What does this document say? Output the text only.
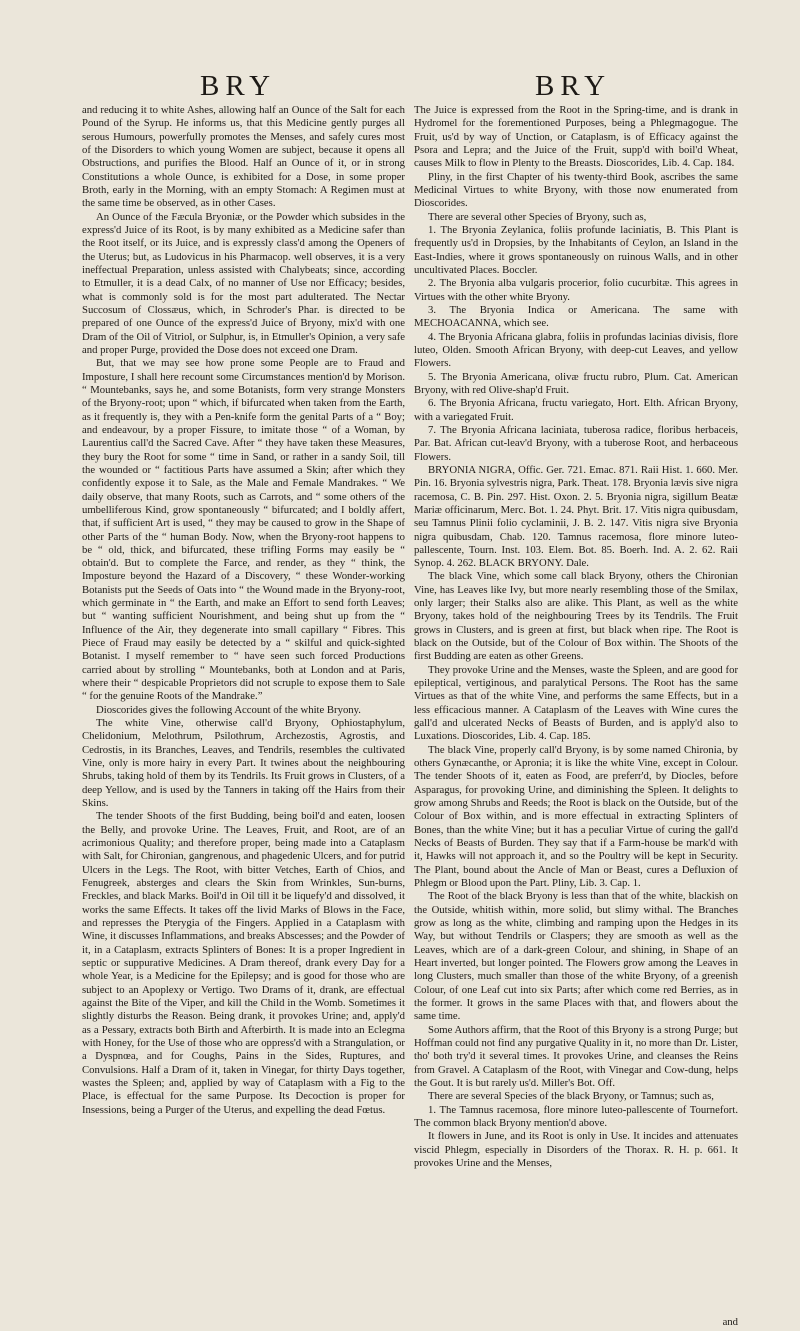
BRY	BRY

and reducing it to white Ashes, allowing half an Ounce of the Salt for each Pound of the Syrup. He informs us, that this Medicine gently purges all serous Humours, powerfully promotes the Menses, and safely cures most of the Disorders to which young Women are subject, because it opens all Obstructions, and purifies the Blood. Half an Ounce of it, or in strong Constitutions a whole Ounce, is exhibited for a Dose, in some proper Broth, early in the Morning, with an empty Stomach: A Regimen must at the same time be observed, as in other Cases.

An Ounce of the Fæcula Bryoniæ, or the Powder which subsides in the express'd Juice of its Root, is by many exhibited as a Medicine safer than the Root itself, or its Juice, and is expressly class'd among the Openers of the Uterus; but, as Ludovicus in his Pharmacop. well observes, it is a very ineffectual Preparation, unless assisted with Chalybeats; since, according to Etmuller, it is a dead Calx, of no manner of Use nor Efficacy; besides, what is commonly sold is for the most part adulterated. The Nectar Succosum of Clossæus, which, in Schroder's Phar. is directed to be prepared of one Ounce of the express'd Juice of Bryony, mix'd with one Dram of the Oil of Vitriol, or Sulphur, is, in Etmuller's Opinion, a very safe and proper Purge, provided the Dose does not exceed one Dram.

But, that we may see how prone some People are to Fraud and Imposture, I shall here recount some Circumstances mention'd by Morison. “ Mountebanks, says he, and some Botanists, form very strange Monsters of the Bryony-root; upon “ which, if bifurcated when taken from the Earth, as it frequently is, they with a Pen-knife form the genital Parts of a “ Boy; and endeavour, by a proper Fissure, to imitate those “ of a Woman, by Laurentius call'd the Sacred Cave. After “ they have taken these Measures, they bury the Root for some “ time in Sand, or rather in a sandy Soil, till the wounded or “ factitious Parts have assumed a Skin; after which they confidently expose it to Sale, as the Male and Female Mandrakes. “ We daily observe, that many Roots, such as Carrots, and “ some others of the umbelliferous Kind, grow spontaneously “ bifurcated; and I boldly affert, that, if sufficient Art is used, “ they may be caused to grow in the Shape of other Parts of the “ human Body. Now, when the Bryony-root happens to be “ old, thick, and bifurcated, these trifling Forms may easily be “ obtain'd. But to complete the Farce, and render, as they “ think, the Imposture beyond the Hazard of a Discovery, “ these Wonder-working Botanists put the Seeds of Oats into “ the Wound made in the Bryony-root, which germinate in “ the Earth, and make an Effort to send forth Leaves; but “ wanting sufficient Nourishment, and being shut up from the “ Influence of the Air, they degenerate into small capillary “ Fibres. This Piece of Fraud may easily be detected by a “ skilful and quick-sighted Botanist. I myself remember to “ have seen such forced Productions carried about by strolling “ Mountebanks, both at London and at Paris, where their “ despicable Proprietors did not scruple to expose them to Sale “ for the genuine Roots of the Mandrake.”

Dioscorides gives the following Account of the white Bryony.

The white Vine, otherwise call'd Bryony, Ophiostaphylum, Chelidonium, Melothrum, Psilothrum, Archezostis, Agrostis, and Cedrostis, in its Branches, Leaves, and Tendrils, resembles the cultivated Vine, only is more hairy in every Part. It twines about the neighbouring Shrubs, taking hold of them by its Tendrils. Its Fruit grows in Clusters, of a deep Yellow, and is used by the Tanners in taking off the Hairs from their Skins.

The tender Shoots of the first Budding, being boil'd and eaten, loosen the Belly, and provoke Urine. The Leaves, Fruit, and Root, are of an acrimonious Quality; and therefore proper, being made into a Cataplasm with Salt, for Chironian, gangrenous, and phagedenic Ulcers, and for putrid Ulcers in the Legs. The Root, with bitter Vetches, Earth of Chios, and Fenugreek, absterges and clears the Skin from Wrinkles, Sun-burns, Freckles, and black Marks. Boil'd in Oil till it be liquefy'd and dissolved, it works the same Effects. It takes off the livid Marks of Blows in the Face, and represses the Pterygia of the Fingers. Applied in a Cataplasm with Wine, it discusses Inflammations, and breaks Abscesses; and the Powder of it, in a Cataplasm, extracts Splinters of Bones: It is a proper Ingredient in septic or suppurative Medicines. A Dram thereof, drank every Day for a whole Year, is a Medicine for the Epilepsy; and is good for those who are subject to an Apoplexy or Vertigo. Two Drams of it, drank, are effectual against the Bite of the Viper, and kill the Child in the Womb. Sometimes it slightly disturbs the Reason. Being drank, it provokes Urine; and, apply'd as a Pessary, extracts both Birth and Afterbirth. It is made into an Eclegma with Honey, for the Use of those who are oppress'd with a Strangulation, or a Dyspnœa, and for Coughs, Pains in the Sides, Ruptures, and Convulsions. Half a Dram of it, taken in Vinegar, for thirty Days together, wastes the Spleen; and, applied by way of Cataplasm with a Fig to the Place, is effectual for the same Purpose. Its Decoction is proper for Insessions, being a Purger of the Uterus, and expelling the dead Fœtus.

The Juice is expressed from the Root in the Spring-time, and is drank in Hydromel for the forementioned Purposes, being a Phlegmagogue. The Fruit, us'd by way of Unction, or Cataplasm, is of Efficacy against the Psora and Lepra; and the Juice of the Fruit, supp'd with boil'd Wheat, causes Milk to flow in Plenty to the Breasts. Dioscorides, Lib. 4. Cap. 184.

Pliny, in the first Chapter of his twenty-third Book, ascribes the same Medicinal Virtues to white Bryony, with those now enumerated from Dioscorides.

There are several other Species of Bryony, such as,

1. The Bryonia Zeylanica, foliis profunde laciniatis, B. This Plant is frequently us'd in Dropsies, by the Inhabitants of Ceylon, an Island in the East-Indies, where it grows spontaneously on ruinous Walls, and in other uncultivated Places. Boccler.

2. The Bryonia alba vulgaris procerior, folio cucurbitæ. This agrees in Virtues with the other white Bryony.

3. The Bryonia Indica or Americana. The same with MECHOACANNA, which see.

4. The Bryonia Africana glabra, foliis in profundas lacinias divisis, flore luteo, Olden. Smooth African Bryony, with deep-cut Leaves, and yellow Flowers.

5. The Bryonia Americana, olivæ fructu rubro, Plum. Cat. American Bryony, with red Olive-shap'd Fruit.

6. The Bryonia Africana, fructu variegato, Hort. Elth. African Bryony, with a variegated Fruit.

7. The Bryonia Africana laciniata, tuberosa radice, floribus herbaceis, Par. Bat. African cut-leav'd Bryony, with a tuberose Root, and herbaceous Flowers.

BRYONIA NIGRA, Offic. Ger. 721. Emac. 871. Raii Hist. 1. 660. Mer. Pin. 16. Bryonia sylvestris nigra, Park. Theat. 178. Bryonia lævis sive nigra racemosa, C. B. Pin. 297. Hist. Oxon. 2. 5. Bryonia nigra, sigillum Beatæ Mariæ officinarum, Merc. Bot. 1. 24. Phyt. Brit. 17. Vitis nigra quibusdam, seu Tamnus Plinii folio cyclaminii, J. B. 2. 147. Vitis nigra sive Bryonia nigra quibusdam, Chab. 120. Tamnus racemosa, flore minore luteo-pallescente, Tourn. Inst. 103. Elem. Bot. 85. Boerh. Ind. A. 2. 62. Raii Synop. 4. 262. BLACK BRYONY. Dale.

The black Vine, which some call black Bryony, others the Chironian Vine, has Leaves like Ivy, but more nearly resembling those of the Smilax, only larger; their Stalks also are alike. This Plant, as well as the white Bryony, takes hold of the neighbouring Trees by its Tendrils. The Fruit grows in Clusters, and is green at first, but black when ripe. The Root is black on the Outside, but of the Colour of Box within. The Shoots of the first Budding are eaten as other Greens.

They provoke Urine and the Menses, waste the Spleen, and are good for epileptical, vertiginous, and paralytical Persons. The Root has the same Virtues as that of the white Vine, and performs the same Effects, but in a less efficacious manner. A Cataplasm of the Leaves with Wine cures the gall'd and ulcerated Necks of Beasts of Burden, and is apply'd also to Luxations. Dioscorides, Lib. 4. Cap. 185.

The black Vine, properly call'd Bryony, is by some named Chironia, by others Gynæcanthe, or Apronia; it is like the white Vine, except in Colour. The tender Shoots of it, eaten as Food, are preferr'd, by Diocles, before Asparagus, for provoking Urine, and diminishing the Spleen. It delights to grow among Shrubs and Reeds; the Root is black on the Outside, but of the Colour of Box within, and is more effectual in extracting Splinters of Bones, than the white Vine; but it has a peculiar Virtue of curing the gall'd Necks of Beasts of Burden. They say that if a Farm-house be mark'd with it, Hawks will not approach it, and so the Poultry will be kept in Security. The Plant, bound about the Ancle of Man or Beast, cures a Defluxion of Phlegm or Blood upon the Part. Pliny, Lib. 3. Cap. 1.

The Root of the black Bryony is less than that of the white, blackish on the Outside, whitish within, more solid, but slimy withal. The Branches grow as long as the white, climbing and ramping upon the Hedges in its Way, but without Tendrils or Claspers; they are smooth as well as the Leaves, which are of a dark-green Colour, and shining, in Shape of an Heart inverted, but longer pointed. The Flowers grow among the Leaves in long Clusters, much smaller than those of the white Bryony, of a greenish Colour, of one Leaf cut into six Parts; after which come red Berries, as in the former. It grows in the same Places with that, and flowers about the same time.

Some Authors affirm, that the Root of this Bryony is a strong Purge; but Hoffman could not find any purgative Quality in it, no more than Dr. Lister, tho' both try'd it several times. It provokes Urine, and cleanses the Reins from Gravel. A Cataplasm of the Root, with Vinegar and Cow-dung, helps the Gout. It is but rarely us'd. Miller's Bot. Off.

There are several Species of the black Bryony, or Tamnus; such as,

1. The Tamnus racemosa, flore minore luteo-pallescente of Tournefort. The common black Bryony mention'd above.

It flowers in June, and its Root is only in Use. It incides and attenuates viscid Phlegm, especially in Disorders of the Thorax. R. H. p. 661. It provokes Urine and the Menses,

and
